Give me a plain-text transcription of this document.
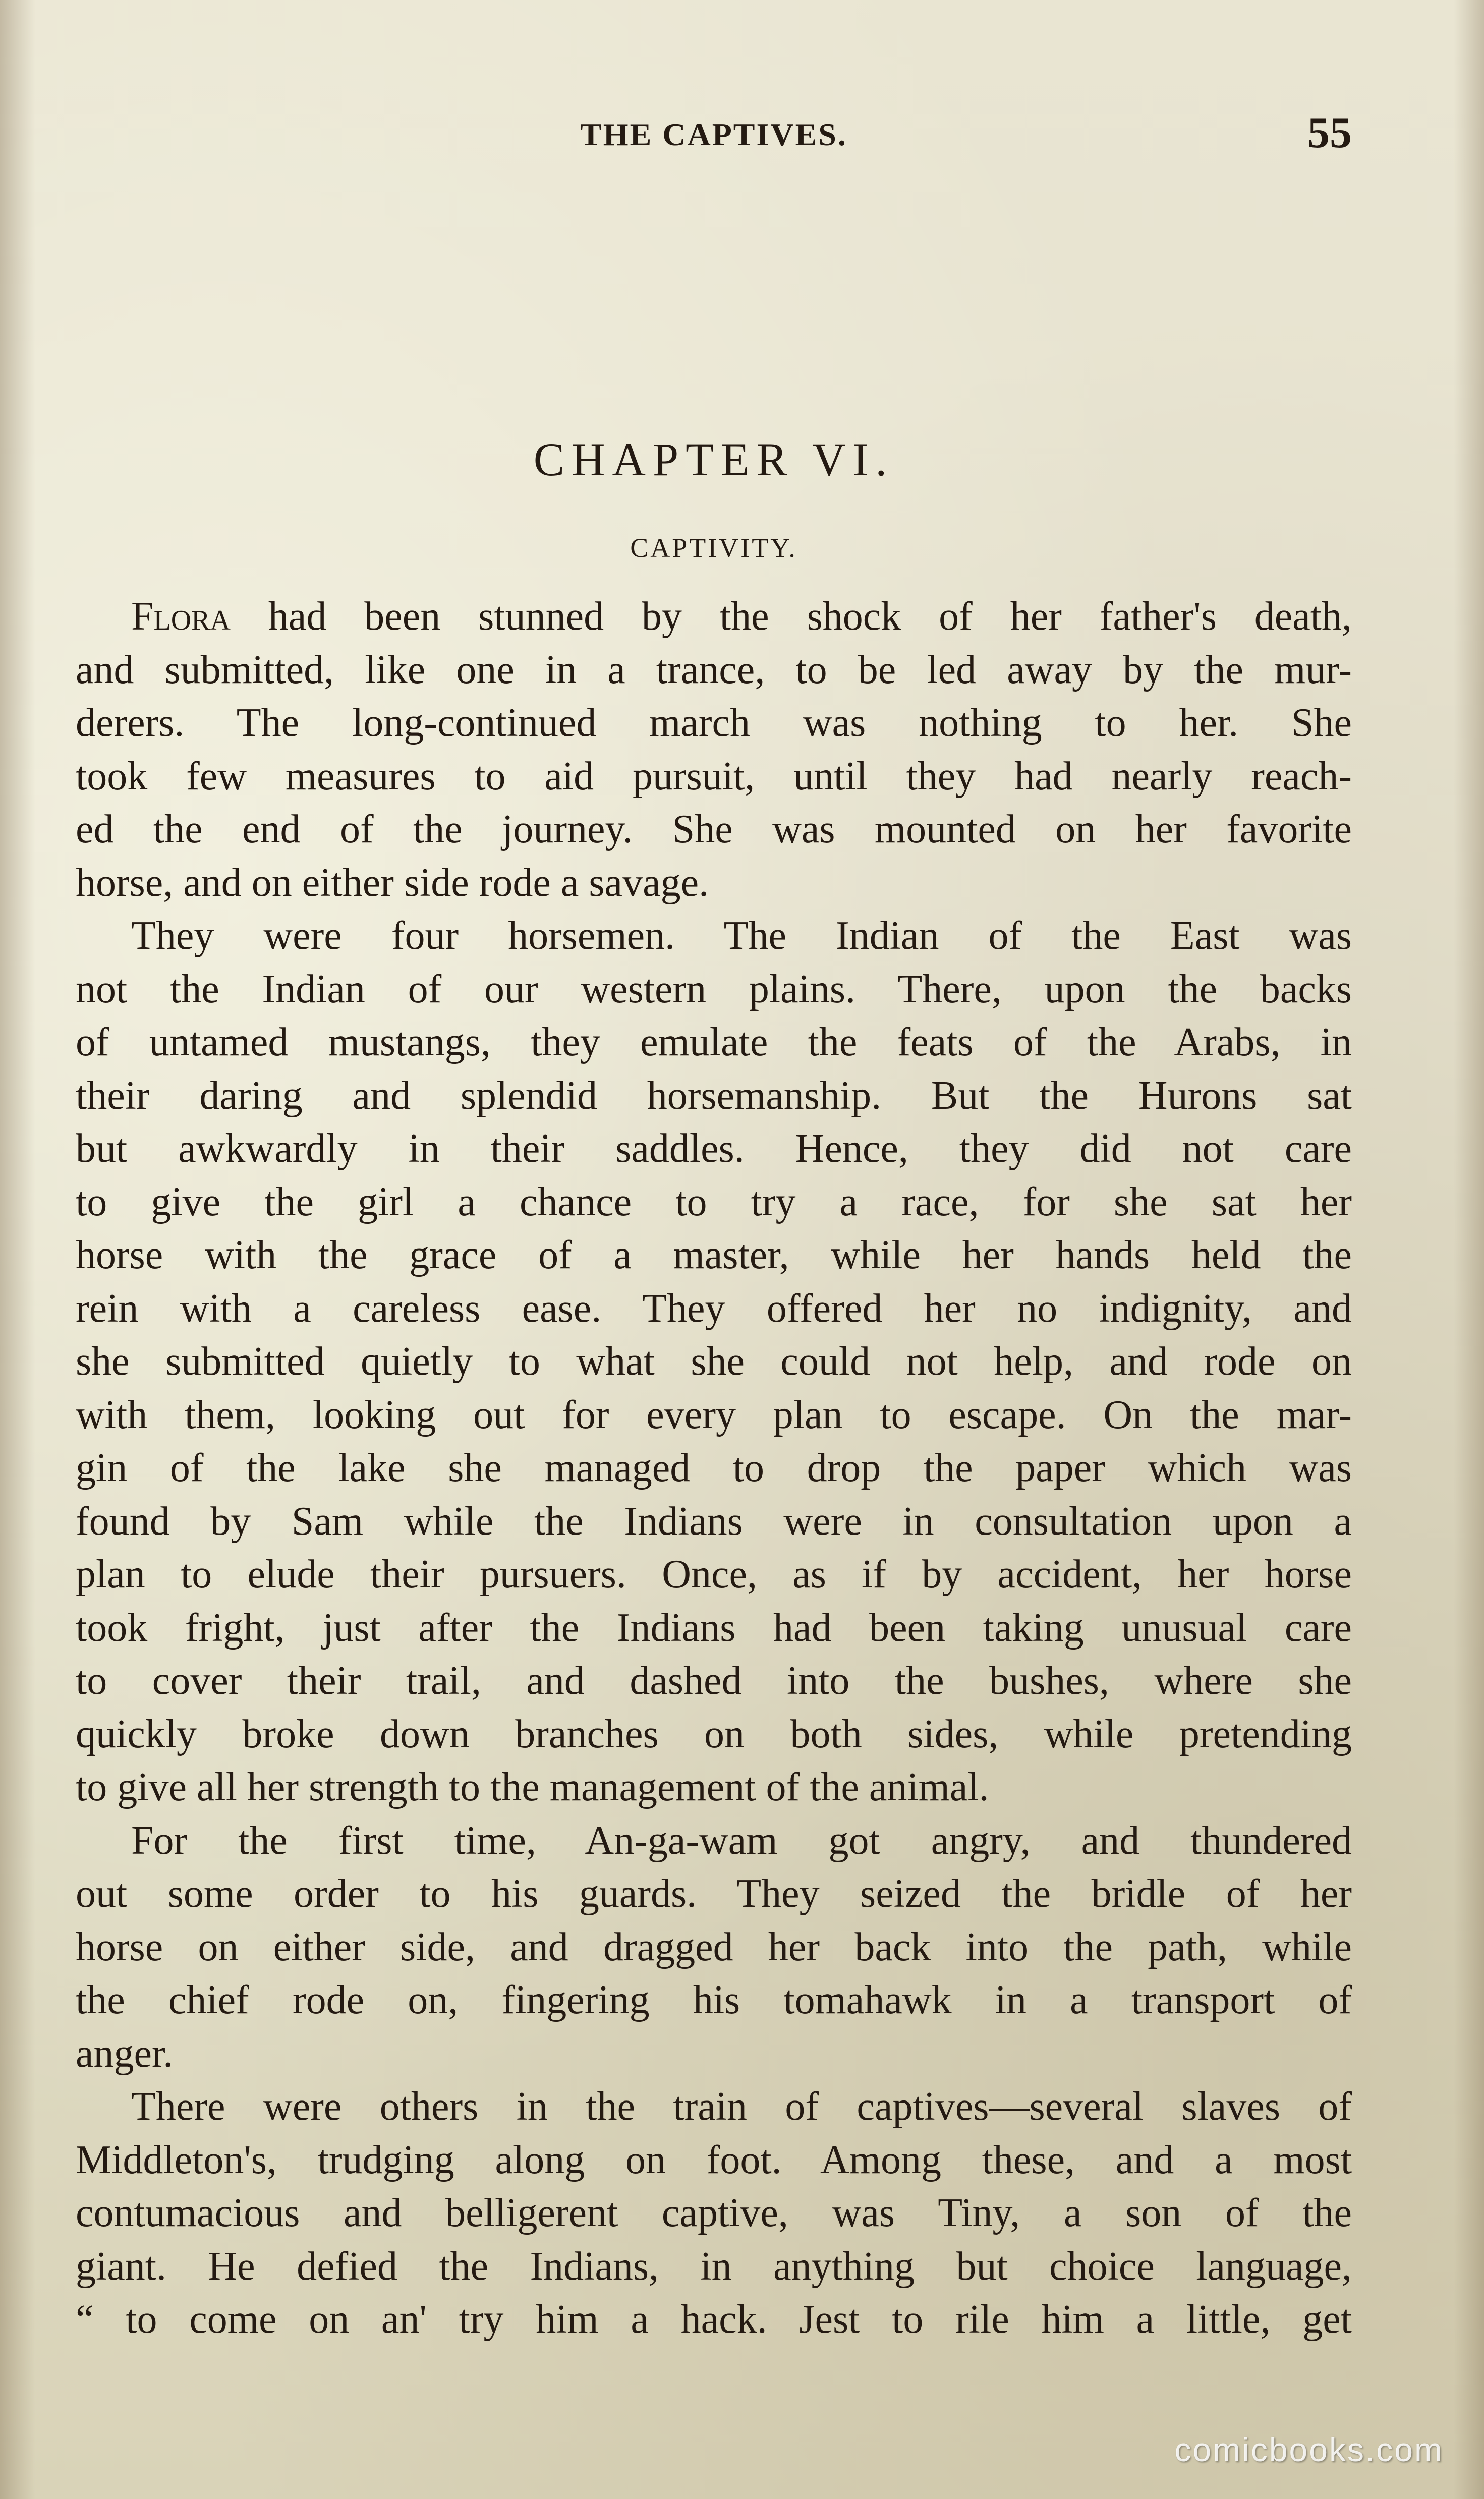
THE CAPTIVES.	55
CHAPTER VI.
CAPTIVITY.
Flora had been stunned by the shock of her father's death,
and submitted, like one in a trance, to be led away by the mur-
derers. The long-continued march was nothing to her. She
took few measures to aid pursuit, until they had nearly reach-
ed the end of the journey. She was mounted on her favorite
horse, and on either side rode a savage.
They were four horsemen. The Indian of the East was
not the Indian of our western plains. There, upon the backs
of untamed mustangs, they emulate the feats of the Arabs, in
their daring and splendid horsemanship. But the Hurons sat
but awkwardly in their saddles. Hence, they did not care
to give the girl a chance to try a race, for she sat her
horse with the grace of a master, while her hands held the
rein with a careless ease. They offered her no indignity, and
she submitted quietly to what she could not help, and rode on
with them, looking out for every plan to escape. On the mar-
gin of the lake she managed to drop the paper which was
found by Sam while the Indians were in consultation upon a
plan to elude their pursuers. Once, as if by accident, her horse
took fright, just after the Indians had been taking unusual care
to cover their trail, and dashed into the bushes, where she
quickly broke down branches on both sides, while pretending
to give all her strength to the management of the animal.
For the first time, An-ga-wam got angry, and thundered
out some order to his guards. They seized the bridle of her
horse on either side, and dragged her back into the path, while
the chief rode on, fingering his tomahawk in a transport of
anger.
There were others in the train of captives—several slaves of
Middleton's, trudging along on foot. Among these, and a most
contumacious and belligerent captive, was Tiny, a son of the
giant. He defied the Indians, in anything but choice language,
“ to come on an' try him a hack. Jest to rile him a little, get
comicbooks.com
